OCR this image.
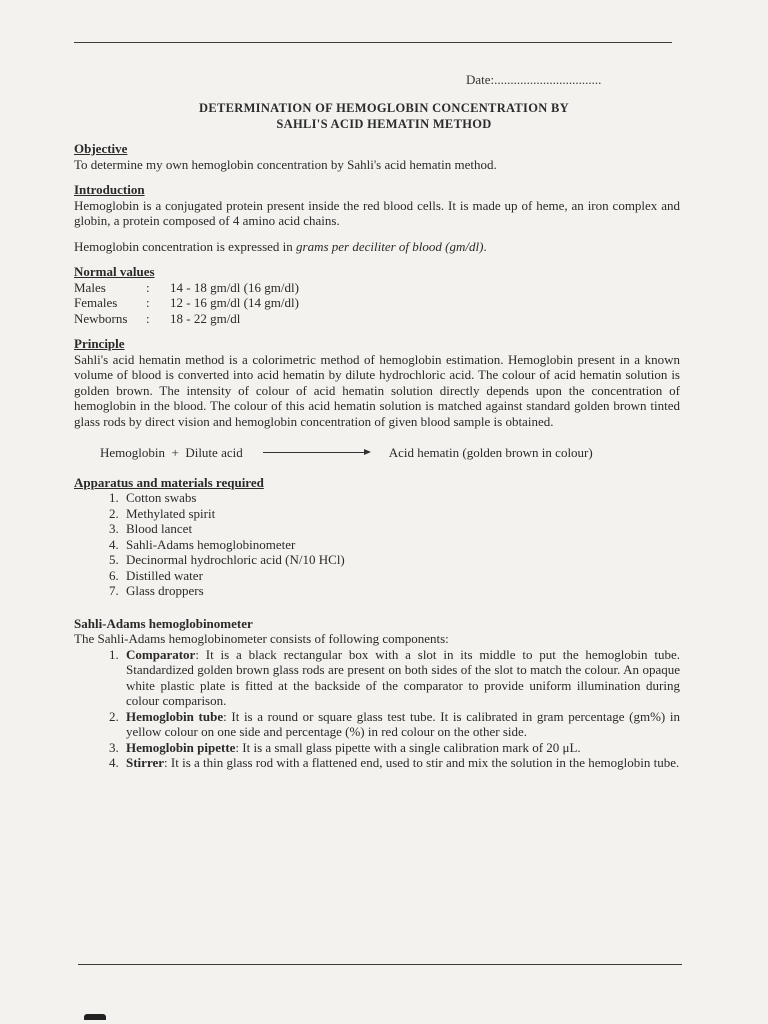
Date:.................................
DETERMINATION OF HEMOGLOBIN CONCENTRATION BY
SAHLI'S ACID HEMATIN METHOD
Objective

To determine my own hemoglobin concentration by Sahli's acid hematin method.

Introduction

Hemoglobin is a conjugated protein present inside the red blood cells. It is made up of heme, an iron complex and globin, a protein composed of 4 amino acid chains.

Hemoglobin concentration is expressed in grams per deciliter of blood (gm/dl).

Normal values
Males	:	14 - 18 gm/dl (16 gm/dl)
Females	:	12 - 16 gm/dl (14 gm/dl)
Newborns	:	18 - 22 gm/dl
Principle

Sahli's acid hematin method is a colorimetric method of hemoglobin estimation. Hemoglobin present in a known volume of blood is converted into acid hematin by dilute hydrochloric acid. The colour of acid hematin solution is golden brown. The intensity of colour of acid hematin solution directly depends upon the concentration of hemoglobin in the blood. The colour of this acid hematin solution is matched against standard golden brown tinted glass rods by direct vision and hemoglobin concentration of given blood sample is obtained.

Hemoglobin  +  Dilute acid	Acid hematin (golden brown in colour)
Apparatus and materials required
1. Cotton swabs
2. Methylated spirit
3. Blood lancet
4. Sahli-Adams hemoglobinometer
5. Decinormal hydrochloric acid (N/10 HCl)
6. Distilled water
7. Glass droppers
Sahli-Adams hemoglobinometer

The Sahli-Adams hemoglobinometer consists of following components:

1. Comparator: It is a black rectangular box with a slot in its middle to put the hemoglobin tube. Standardized golden brown glass rods are present on both sides of the slot to match the colour. An opaque white plastic plate is fitted at the backside of the comparator to provide uniform illumination during colour comparison.
2. Hemoglobin tube: It is a round or square glass test tube. It is calibrated in gram percentage (gm%) in yellow colour on one side and percentage (%) in red colour on the other side.
3. Hemoglobin pipette: It is a small glass pipette with a single calibration mark of 20 μL.
4. Stirrer: It is a thin glass rod with a flattened end, used to stir and mix the solution in the hemoglobin tube.
